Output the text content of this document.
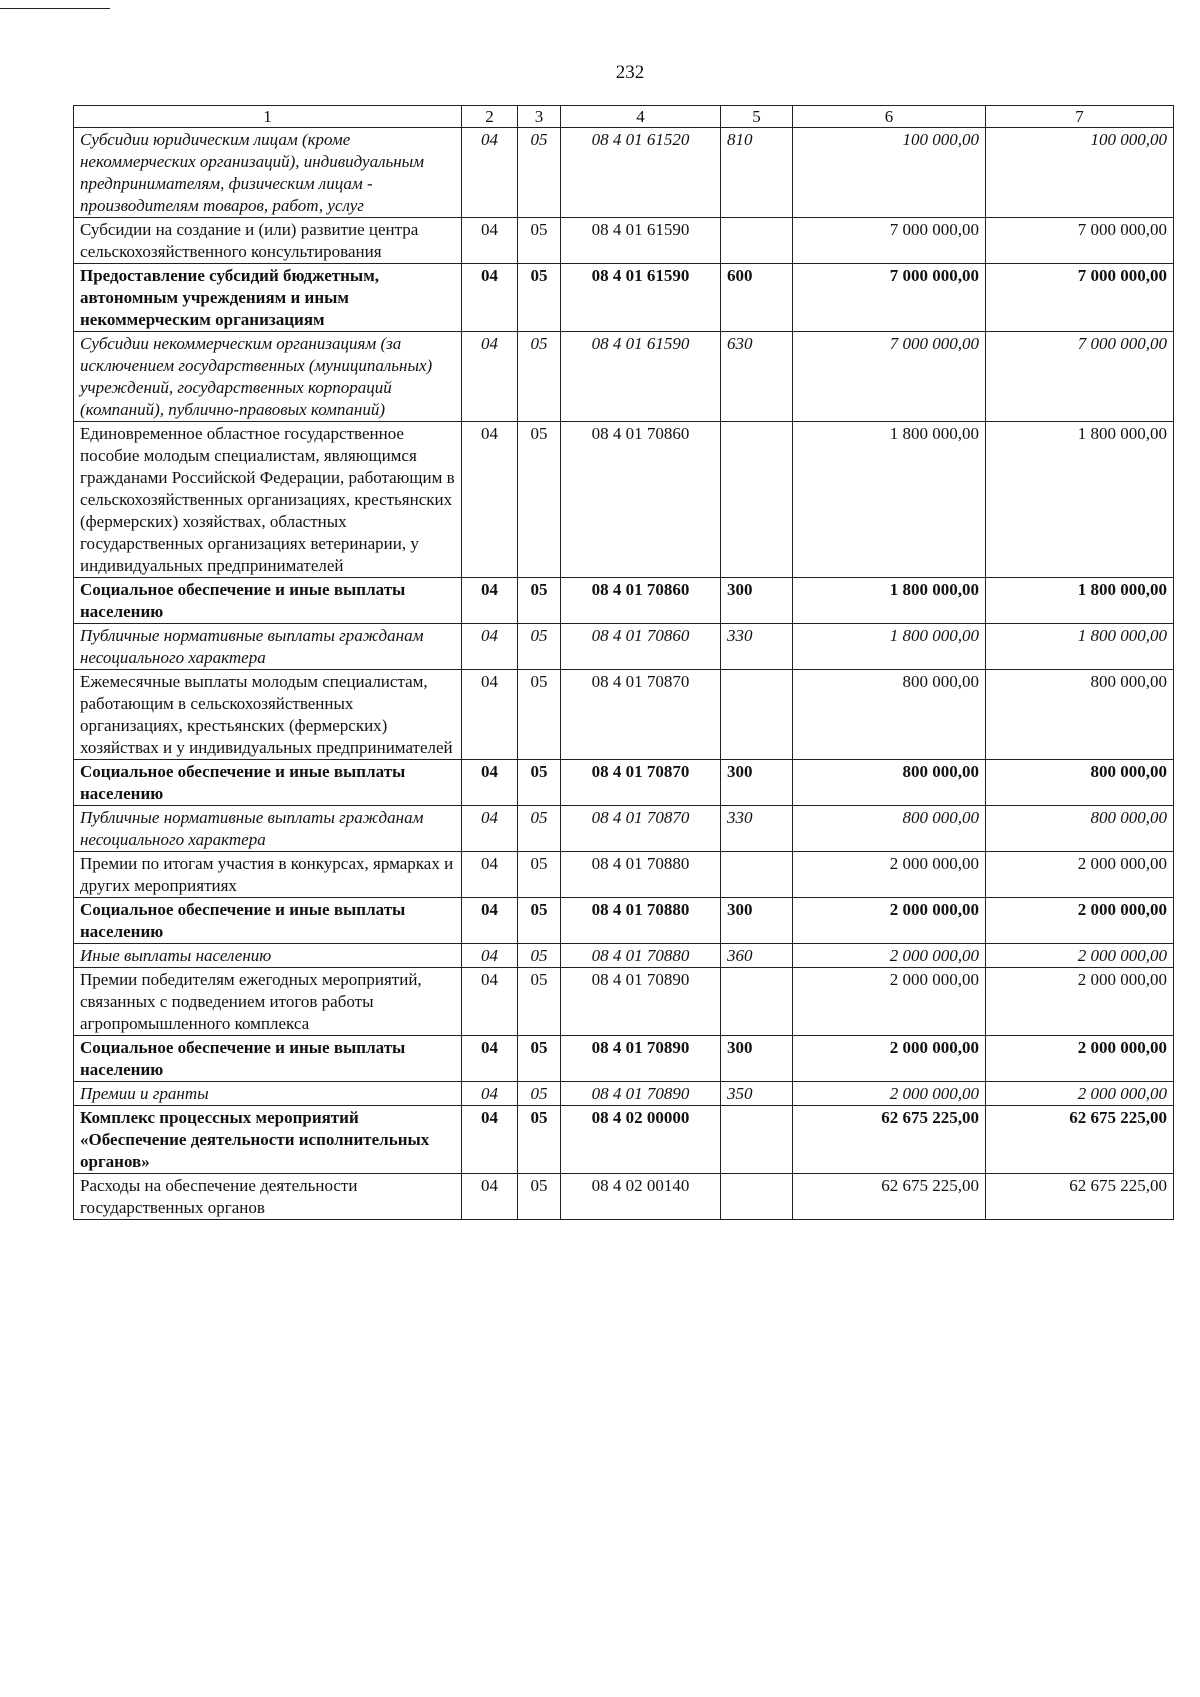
232
1	2	3	4	5	6	7
Субсидии юридическим лицам (кроме некоммерческих организаций), индивидуальным предпринимателям, физическим лицам - производителям товаров, работ, услуг	04	05	08 4 01 61520	810	100 000,00	100 000,00
Субсидии на создание и (или) развитие центра сельскохозяйственного консультирования	04	05	08 4 01 61590		7 000 000,00	7 000 000,00
Предоставление субсидий бюджетным, автономным учреждениям и иным некоммерческим организациям	04	05	08 4 01 61590	600	7 000 000,00	7 000 000,00
Субсидии некоммерческим организациям (за исключением государственных (муниципальных) учреждений, государственных корпораций (компаний), публично-правовых компаний)	04	05	08 4 01 61590	630	7 000 000,00	7 000 000,00
Единовременное областное государственное пособие молодым специалистам, являющимся гражданами Российской Федерации, работающим в сельскохозяйственных организациях, крестьянских (фермерских) хозяйствах, областных государственных организациях ветеринарии, у индивидуальных предпринимателей	04	05	08 4 01 70860		1 800 000,00	1 800 000,00
Социальное обеспечение и иные выплаты населению	04	05	08 4 01 70860	300	1 800 000,00	1 800 000,00
Публичные нормативные выплаты гражданам несоциального характера	04	05	08 4 01 70860	330	1 800 000,00	1 800 000,00
Ежемесячные выплаты молодым специалистам, работающим в сельскохозяйственных организациях, крестьянских (фермерских) хозяйствах и у индивидуальных предпринимателей	04	05	08 4 01 70870		800 000,00	800 000,00
Социальное обеспечение и иные выплаты населению	04	05	08 4 01 70870	300	800 000,00	800 000,00
Публичные нормативные выплаты гражданам несоциального характера	04	05	08 4 01 70870	330	800 000,00	800 000,00
Премии по итогам участия в конкурсах, ярмарках и других мероприятиях	04	05	08 4 01 70880		2 000 000,00	2 000 000,00
Социальное обеспечение и иные выплаты населению	04	05	08 4 01 70880	300	2 000 000,00	2 000 000,00
Иные выплаты населению	04	05	08 4 01 70880	360	2 000 000,00	2 000 000,00
Премии победителям ежегодных мероприятий, связанных с подведением итогов работы агропромышленного комплекса	04	05	08 4 01 70890		2 000 000,00	2 000 000,00
Социальное обеспечение и иные выплаты населению	04	05	08 4 01 70890	300	2 000 000,00	2 000 000,00
Премии и гранты	04	05	08 4 01 70890	350	2 000 000,00	2 000 000,00
Комплекс процессных мероприятий «Обеспечение деятельности исполнительных органов»	04	05	08 4 02 00000		62 675 225,00	62 675 225,00
Расходы на обеспечение деятельности государственных органов	04	05	08 4 02 00140		62 675 225,00	62 675 225,00
